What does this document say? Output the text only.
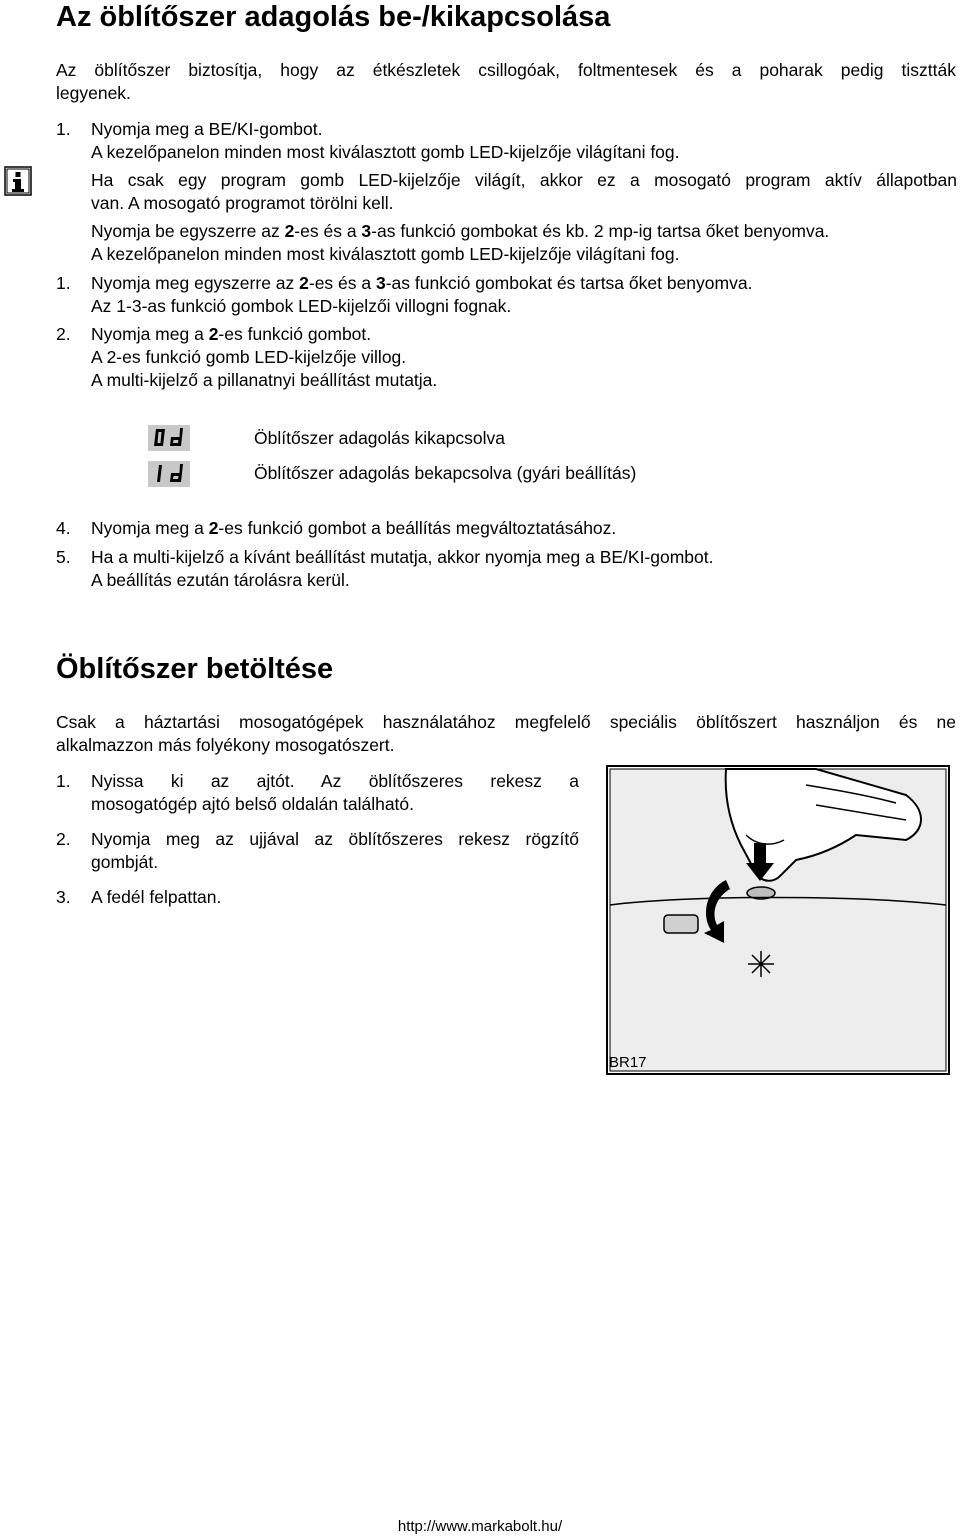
Az öblítőszer adagolás be-/kikapcsolása
Az öblítőszer biztosítja, hogy az étkészletek csillogóak, foltmentesek és a poharak pedig tisztták
legyenek.
1. Nyomja meg a BE/KI-gombot.
A kezelőpanelon minden most kiválasztott gomb LED-kijelzője világítani fog.
Ha csak egy program gomb LED-kijelzője világít, akkor ez a mosogató program aktív állapotban
van. A mosogató programot törölni kell.
Nyomja be egyszerre az 2-es és a 3-as funkció gombokat és kb. 2 mp-ig tartsa őket benyomva.
A kezelőpanelon minden most kiválasztott gomb LED-kijelzője világítani fog.
1. Nyomja meg egyszerre az 2-es és a 3-as funkció gombokat és tartsa őket benyomva.
Az 1-3-as funkció gombok LED-kijelzői villogni fognak.
2. Nyomja meg a 2-es funkció gombot.
A 2-es funkció gomb LED-kijelzője villog.
A multi-kijelző a pillanatnyi beállítást mutatja.
Öblítőszer adagolás kikapcsolva
Öblítőszer adagolás bekapcsolva (gyári beállítás)
4. Nyomja meg a 2-es funkció gombot a beállítás megváltoztatásához.
5. Ha a multi-kijelző a kívánt beállítást mutatja, akkor nyomja meg a BE/KI-gombot.
A beállítás ezután tárolásra kerül.
Öblítőszer betöltése
Csak a háztartási mosogatógépek használatához megfelelő speciális öblítőszert használjon és ne
alkalmazzon más folyékony mosogatószert.
1. Nyissa ki az ajtót. Az öblítőszeres rekesz a
mosogatógép ajtó belső oldalán található.
2. Nyomja meg az ujjával az öblítőszeres rekesz rögzítő
gombját.
3. A fedél felpattan.
BR17
http://www.markabolt.hu/
